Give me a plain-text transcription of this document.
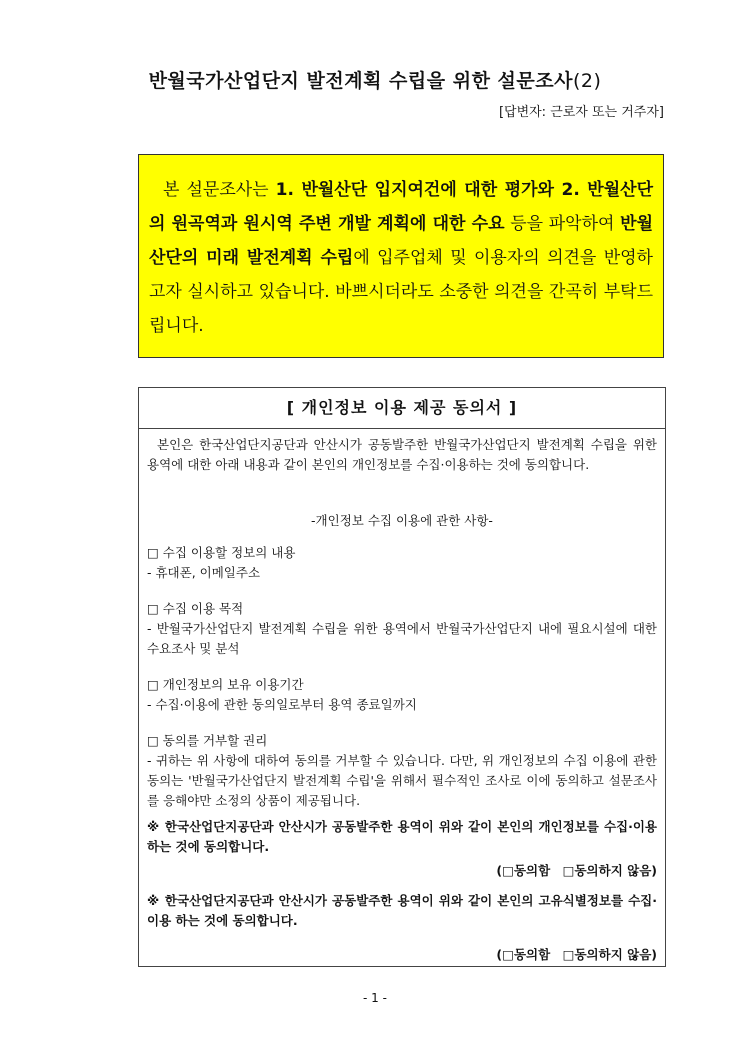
반월국가산업단지 발전계획 수립을 위한 설문조사(2)
[답변자: 근로자 또는 거주자]
본 설문조사는 1. 반월산단 입지여건에 대한 평가와 2. 반월산단의 원곡역과 원시역 주변 개발 계획에 대한 수요 등을 파악하여 반월산단의 미래 발전계획 수립에 입주업체 및 이용자의 의견을 반영하고자 실시하고 있습니다. 바쁘시더라도 소중한 의견을 간곡히 부탁드립니다.
[ 개인정보 이용 제공 동의서 ]
본인은 한국산업단지공단과 안산시가 공동발주한 반월국가산업단지 발전계획 수립을 위한 용역에 대한 아래 내용과 같이 본인의 개인정보를 수집·이용하는 것에 동의합니다.
-개인정보 수집 이용에 관한 사항-
□ 수집 이용할 정보의 내용
- 휴대폰, 이메일주소
□ 수집 이용 목적
- 반월국가산업단지 발전계획 수립을 위한 용역에서 반월국가산업단지 내에 필요시설에 대한 수요조사 및 분석
□ 개인정보의 보유 이용기간
- 수집·이용에 관한 동의일로부터 용역 종료일까지
□ 동의를 거부할 권리
- 귀하는 위 사항에 대하여 동의를 거부할 수 있습니다. 다만, 위 개인정보의 수집 이용에 관한 동의는 '반월국가산업단지 발전계획 수립'을 위해서 필수적인 조사로 이에 동의하고 설문조사를 응해야만 소정의 상품이 제공됩니다.
※ 한국산업단지공단과 안산시가 공동발주한 용역이 위와 같이 본인의 개인정보를 수집·이용하는 것에 동의합니다.
(□동의함　□동의하지 않음)
※ 한국산업단지공단과 안산시가 공동발주한 용역이 위와 같이 본인의 고유식별정보를 수집·이용 하는 것에 동의합니다.
(□동의함　□동의하지 않음)
- 1 -
